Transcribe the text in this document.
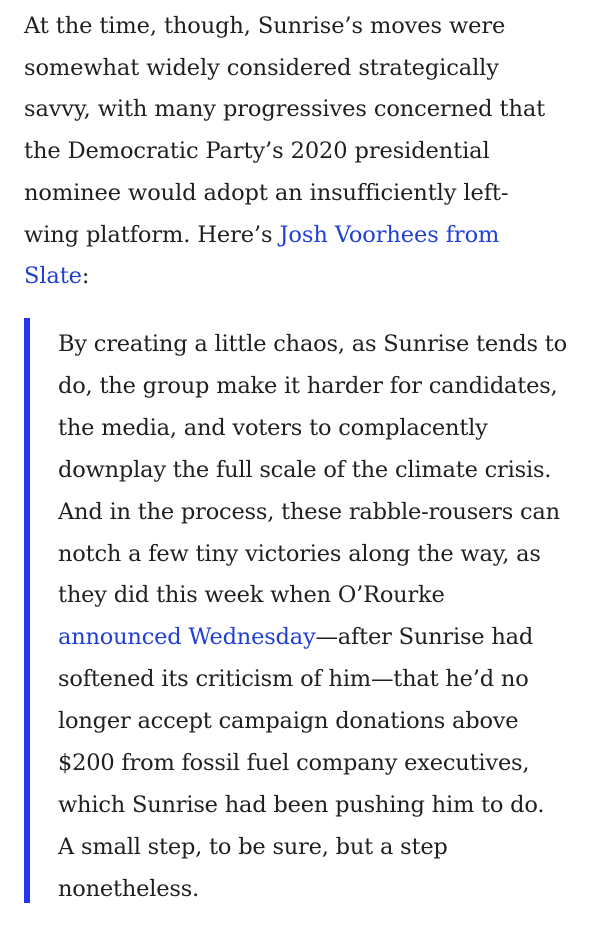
At the time, though, Sunrise’s moves were
somewhat widely considered strategically
savvy, with many progressives concerned that
the Democratic Party’s 2020 presidential
nominee would adopt an insufficiently left-
wing platform. Here’s Josh Voorhees from
Slate:

By creating a little chaos, as Sunrise tends to
do, the group make it harder for candidates,
the media, and voters to complacently
downplay the full scale of the climate crisis.
And in the process, these rabble-rousers can
notch a few tiny victories along the way, as
they did this week when O’Rourke
announced Wednesday—after Sunrise had
softened its criticism of him—that he’d no
longer accept campaign donations above
$200 from fossil fuel company executives,
which Sunrise had been pushing him to do.
A small step, to be sure, but a step
nonetheless.
